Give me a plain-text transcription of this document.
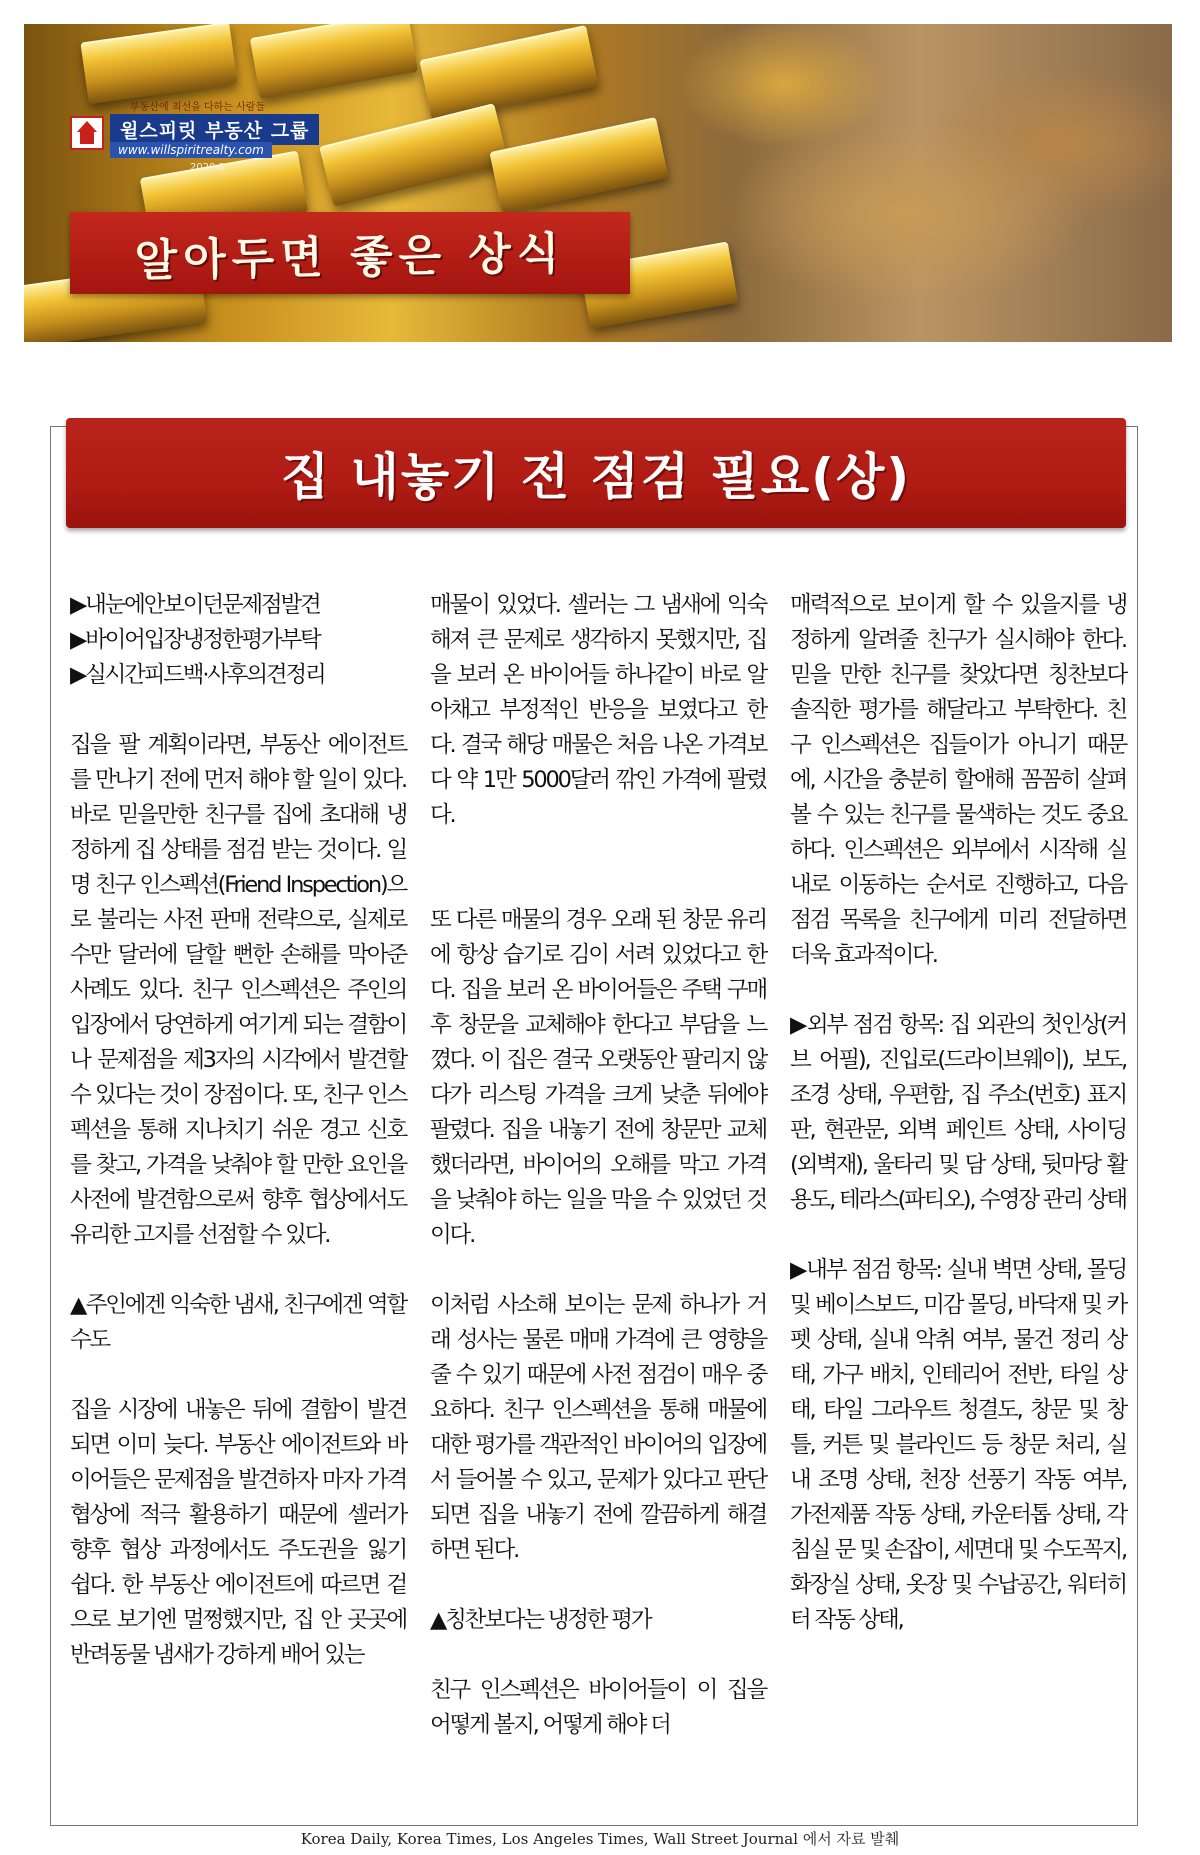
부동산에 최선을 다하는 사람들
윌스피릿 부동산 그룹
www.willspiritrealty.com
2020.8
알아두면 좋은 상식
집 내놓기 전 점검 필요(상)

▶내눈에안보이던문제점발견

▶바이어입장냉정한평가부탁

▶실시간피드백·사후의견정리

집을 팔 계획이라면, 부동산 에이전트를 만나기 전에 먼저 해야 할 일이 있다. 바로 믿을만한 친구를 집에 초대해 냉정하게 집 상태를 점검 받는 것이다. 일명 친구 인스펙션(Friend Inspection)으로 불리는 사전 판매 전략으로, 실제로 수만 달러에 달할 뻔한 손해를 막아준 사례도 있다. 친구 인스펙션은 주인의 입장에서 당연하게 여기게 되는 결함이나 문제점을 제3자의 시각에서 발견할 수 있다는 것이 장점이다. 또, 친구 인스펙션을 통해 지나치기 쉬운 경고 신호를 찾고, 가격을 낮춰야 할 만한 요인을 사전에 발견함으로써 향후 협상에서도 유리한 고지를 선점할 수 있다.

▲주인에겐 익숙한 냄새, 친구에겐 역할 수도

집을 시장에 내놓은 뒤에 결함이 발견되면 이미 늦다. 부동산 에이전트와 바이어들은 문제점을 발견하자 마자 가격 협상에 적극 활용하기 때문에 셀러가 향후 협상 과정에서도 주도권을 잃기 쉽다. 한 부동산 에이전트에 따르면 겉으로 보기엔 멀쩡했지만, 집 안 곳곳에 반려동물 냄새가 강하게 배어 있는

매물이 있었다. 셀러는 그 냄새에 익숙해져 큰 문제로 생각하지 못했지만, 집을 보러 온 바이어들 하나같이 바로 알아채고 부정적인 반응을 보였다고 한다. 결국 해당 매물은 처음 나온 가격보다 약 1만 5000달러 깎인 가격에 팔렸다.

또 다른 매물의 경우 오래 된 창문 유리에 항상 습기로 김이 서려 있었다고 한다. 집을 보러 온 바이어들은 주택 구매 후 창문을 교체해야 한다고 부담을 느꼈다. 이 집은 결국 오랫동안 팔리지 않다가 리스팅 가격을 크게 낮춘 뒤에야 팔렸다. 집을 내놓기 전에 창문만 교체했더라면, 바이어의 오해를 막고 가격을 낮춰야 하는 일을 막을 수 있었던 것이다.

이처럼 사소해 보이는 문제 하나가 거래 성사는 물론 매매 가격에 큰 영향을 줄 수 있기 때문에 사전 점검이 매우 중요하다. 친구 인스펙션을 통해 매물에 대한 평가를 객관적인 바이어의 입장에서 들어볼 수 있고, 문제가 있다고 판단되면 집을 내놓기 전에 깔끔하게 해결하면 된다.

▲칭찬보다는 냉정한 평가

친구 인스펙션은 바이어들이 이 집을 어떻게 볼지, 어떻게 해야 더

매력적으로 보이게 할 수 있을지를 냉정하게 알려줄 친구가 실시해야 한다. 믿을 만한 친구를 찾았다면 칭찬보다 솔직한 평가를 해달라고 부탁한다. 친구 인스펙션은 집들이가 아니기 때문에, 시간을 충분히 할애해 꼼꼼히 살펴볼 수 있는 친구를 물색하는 것도 중요하다. 인스펙션은 외부에서 시작해 실내로 이동하는 순서로 진행하고, 다음 점검 목록을 친구에게 미리 전달하면 더욱 효과적이다.

▶외부 점검 항목: 집 외관의 첫인상(커브 어필), 진입로(드라이브웨이), 보도, 조경 상태, 우편함, 집 주소(번호) 표지판, 현관문, 외벽 페인트 상태, 사이딩(외벽재), 울타리 및 담 상태, 뒷마당 활용도, 테라스(파티오), 수영장 관리 상태

▶내부 점검 항목: 실내 벽면 상태, 몰딩 및 베이스보드, 미감 몰딩, 바닥재 및 카펫 상태, 실내 악취 여부, 물건 정리 상태, 가구 배치, 인테리어 전반, 타일 상태, 타일 그라우트 청결도, 창문 및 창틀, 커튼 및 블라인드 등 창문 처리, 실내 조명 상태, 천장 선풍기 작동 여부, 가전제품 작동 상태, 카운터톱 상태, 각 침실 문 및 손잡이, 세면대 및 수도꼭지, 화장실 상태, 옷장 및 수납공간, 워터히터 작동 상태,

Korea Daily, Korea Times, Los Angeles Times, Wall Street Journal 에서 자료 발췌
